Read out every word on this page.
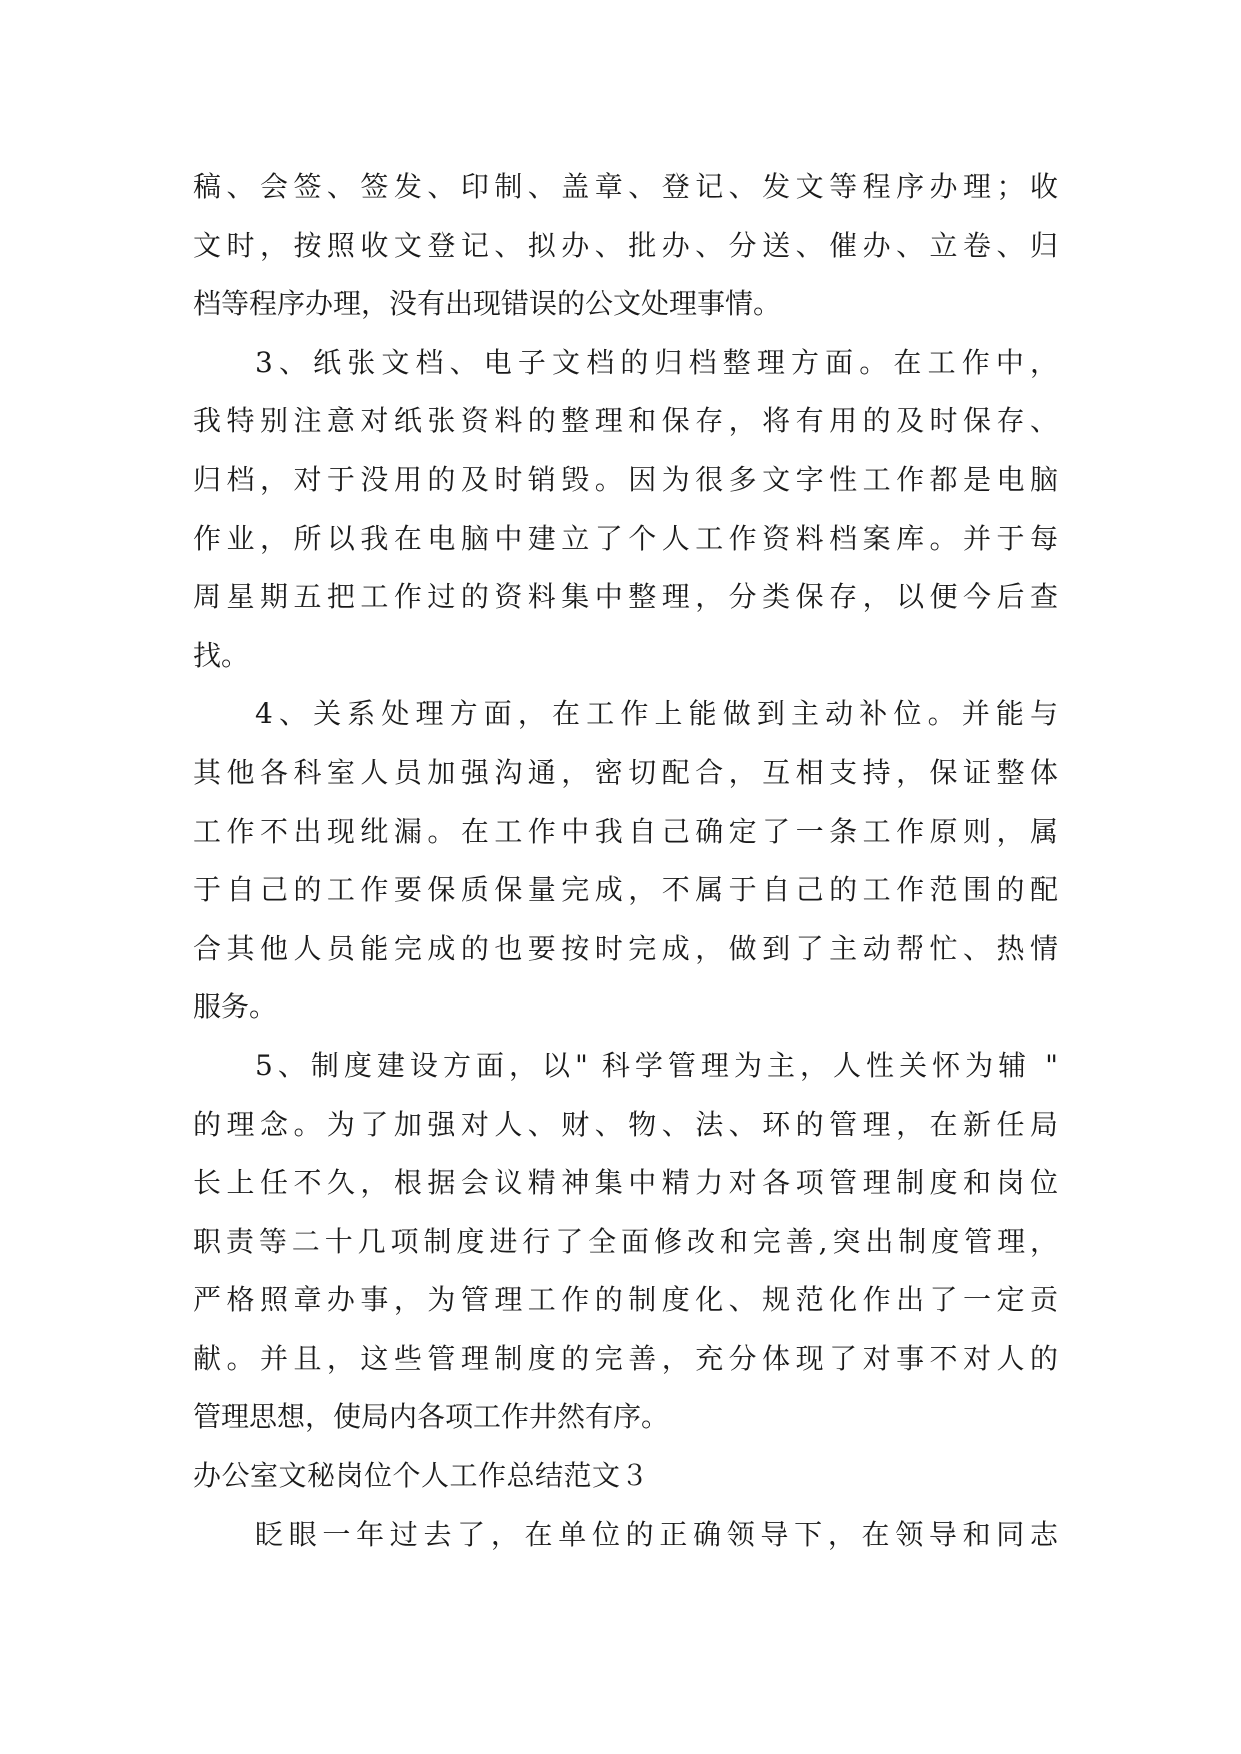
稿、会签、签发、印制、盖章、登记、发文等程序办理；收
文时，按照收文登记、拟办、批办、分送、催办、立卷、归
档等程序办理，没有出现错误的公文处理事情。
3、纸张文档、电子文档的归档整理方面。在工作中，
我特别注意对纸张资料的整理和保存，将有用的及时保存、
归档，对于没用的及时销毁。因为很多文字性工作都是电脑
作业，所以我在电脑中建立了个人工作资料档案库。并于每
周星期五把工作过的资料集中整理，分类保存，以便今后查
找。
4、关系处理方面，在工作上能做到主动补位。并能与
其他各科室人员加强沟通，密切配合，互相支持，保证整体
工作不出现纰漏。在工作中我自己确定了一条工作原则，属
于自己的工作要保质保量完成，不属于自己的工作范围的配
合其他人员能完成的也要按时完成，做到了主动帮忙、热情
服务。
5、制度建设方面，以" 科学管理为主，人性关怀为辅 "
的理念。为了加强对人、财、物、法、环的管理，在新任局
长上任不久，根据会议精神集中精力对各项管理制度和岗位
职责等二十几项制度进行了全面修改和完善,突出制度管理，
严格照章办事，为管理工作的制度化、规范化作出了一定贡
献。并且，这些管理制度的完善，充分体现了对事不对人的
管理思想，使局内各项工作井然有序。
办公室文秘岗位个人工作总结范文３
眨眼一年过去了，在单位的正确领导下，在领导和同志
